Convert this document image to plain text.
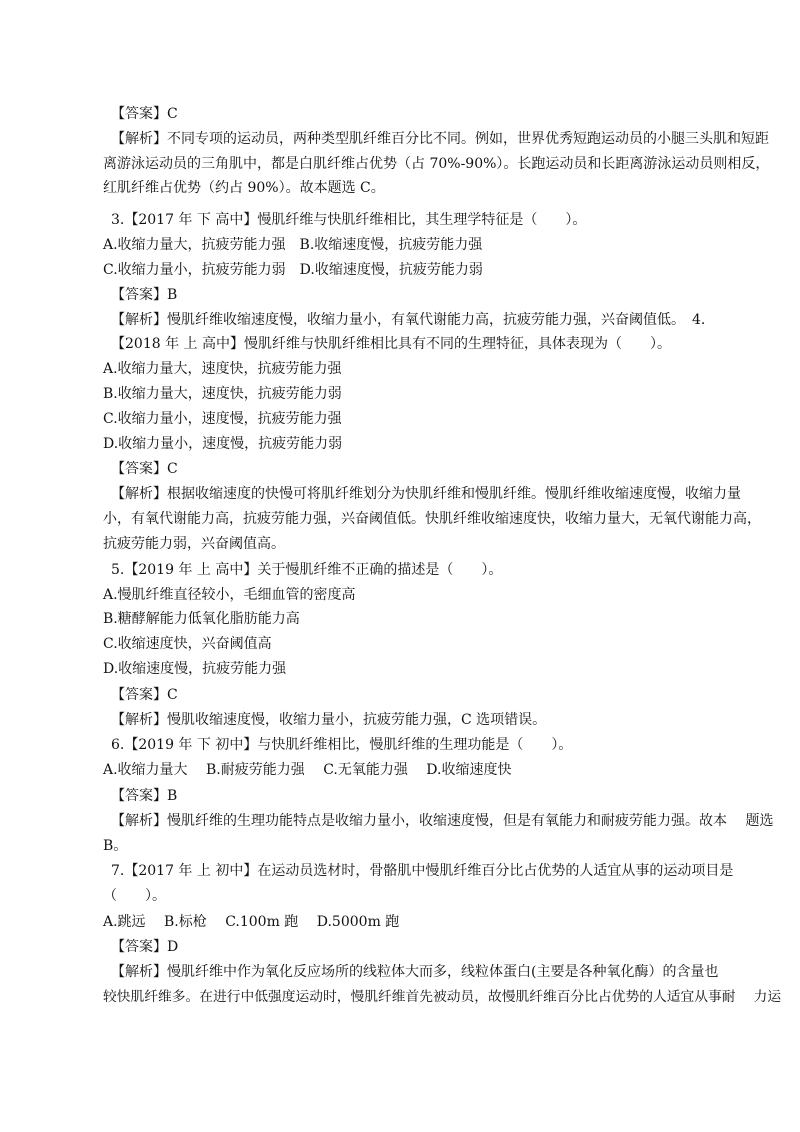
【答案】C

【解析】不同专项的运动员，两种类型肌纤维百分比不同。例如，世界优秀短跑运动员的小腿三头肌和短距

离游泳运动员的三角肌中，都是白肌纤维占优势（占 70%-90%）。长跑运动员和长距离游泳运动员则相反，

红肌纤维占优势（约占 90%）。故本题选 C。

3.【2017 年 下 高中】慢肌纤维与快肌纤维相比，其生理学特征是（　　）。

A.收缩力量大，抗疲劳能力强　B.收缩速度慢，抗疲劳能力强

C.收缩力量小，抗疲劳能力弱　D.收缩速度慢，抗疲劳能力弱

【答案】B

【解析】慢肌纤维收缩速度慢，收缩力量小，有氧代谢能力高，抗疲劳能力强，兴奋阈值低。　4.

【2018 年 上 高中】慢肌纤维与快肌纤维相比具有不同的生理特征，具体表现为（　　）。

A.收缩力量大，速度快，抗疲劳能力强

B.收缩力量大，速度快，抗疲劳能力弱

C.收缩力量小，速度慢，抗疲劳能力强

D.收缩力量小，速度慢，抗疲劳能力弱

【答案】C

【解析】根据收缩速度的快慢可将肌纤维划分为快肌纤维和慢肌纤维。慢肌纤维收缩速度慢，收缩力量

小，有氧代谢能力高，抗疲劳能力强，兴奋阈值低。快肌纤维收缩速度快，收缩力量大，无氧代谢能力高，

抗疲劳能力弱，兴奋阈值高。

5.【2019 年 上 高中】关于慢肌纤维不正确的描述是（　　）。

A.慢肌纤维直径较小，毛细血管的密度高

B.糖酵解能力低氧化脂肪能力高

C.收缩速度快，兴奋阈值高

D.收缩速度慢，抗疲劳能力强

【答案】C

【解析】慢肌收缩速度慢，收缩力量小，抗疲劳能力强，C 选项错误。

6.【2019 年 下 初中】与快肌纤维相比，慢肌纤维的生理功能是（　　）。

A.收缩力量大　 B.耐疲劳能力强　 C.无氧能力强　 D.收缩速度快

【答案】B

【解析】慢肌纤维的生理功能特点是收缩力量小，收缩速度慢，但是有氧能力和耐疲劳能力强。故本　 题选

B。

7.【2017 年 上 初中】在运动员选材时，骨骼肌中慢肌纤维百分比占优势的人适宜从事的运动项目是

（　　）。

A.跳远　 B.标枪　 C.100m 跑　 D.5000m 跑

【答案】D

【解析】慢肌纤维中作为氧化反应场所的线粒体大而多，线粒体蛋白(主要是各种氧化酶）的含量也

较快肌纤维多。在进行中低强度运动时，慢肌纤维首先被动员，故慢肌纤维百分比占优势的人适宜从事耐　 力运
